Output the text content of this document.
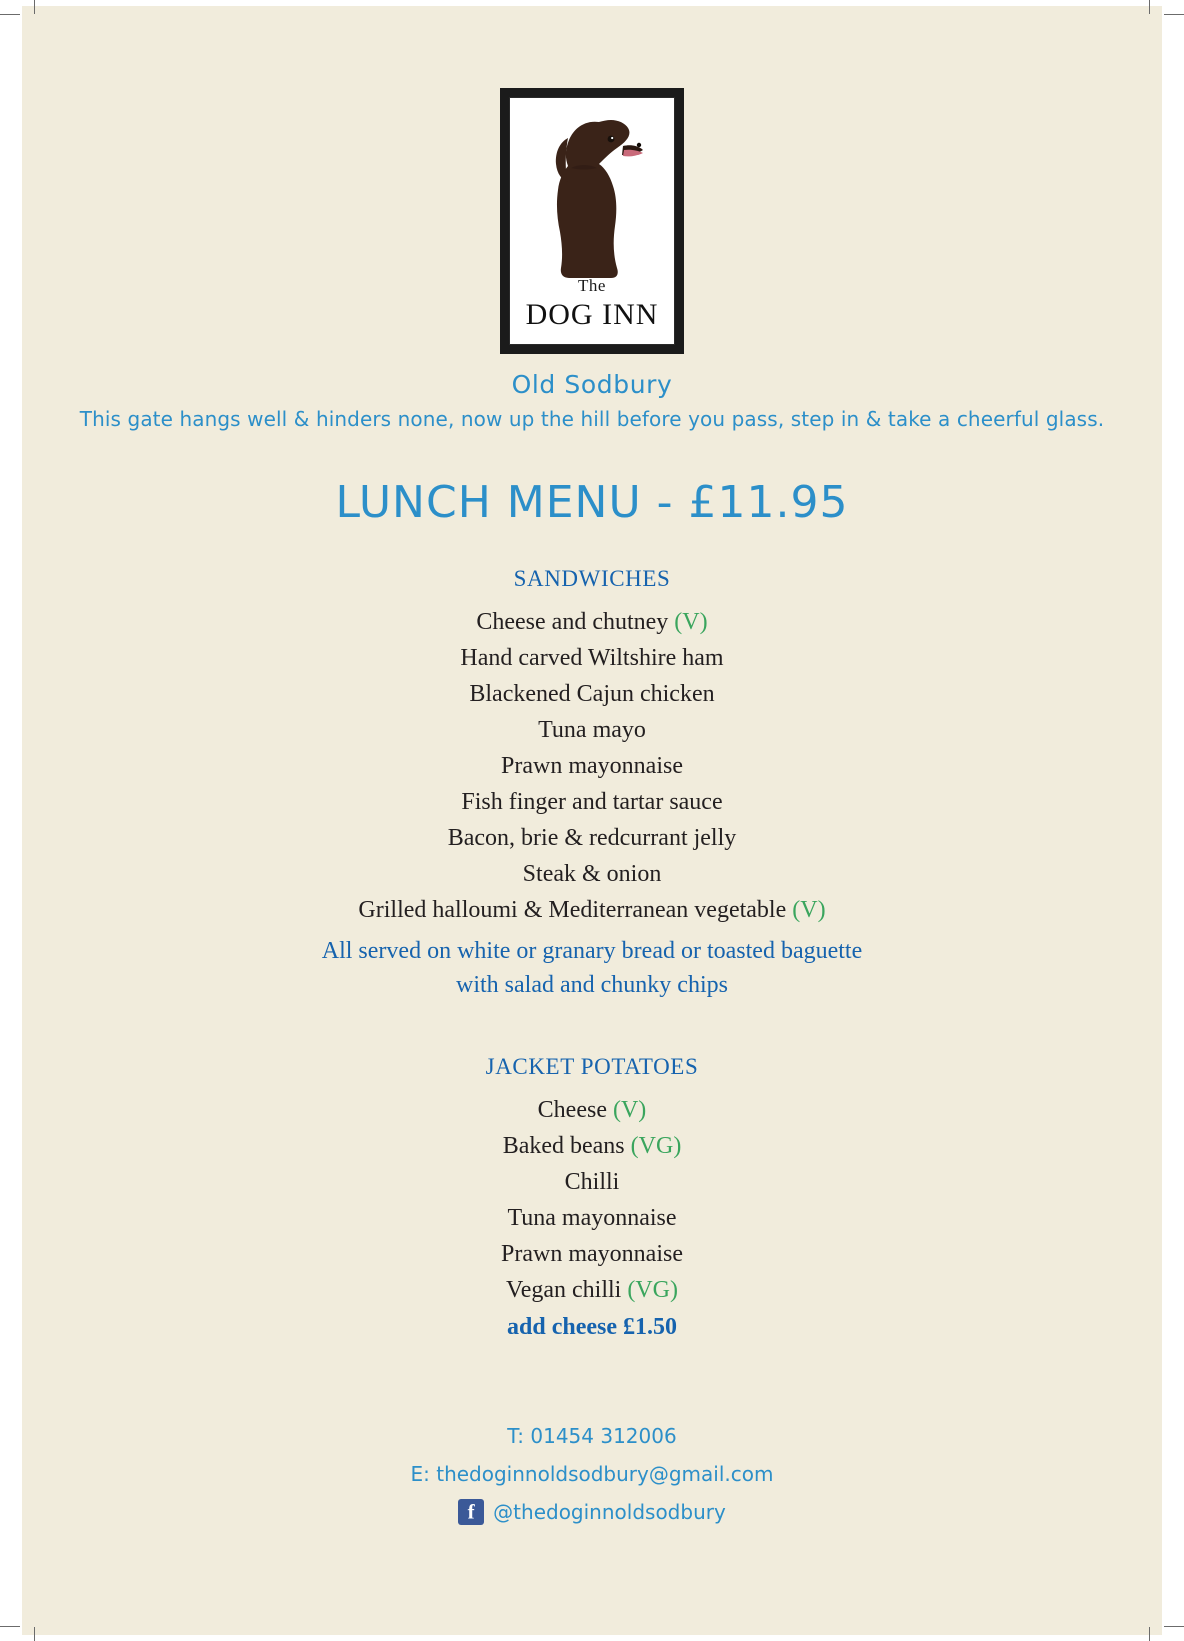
The
DOG INN
Old Sodbury
This gate hangs well & hinders none, now up the hill before you pass, step in & take a cheerful glass.
LUNCH MENU - £11.95
SANDWICHES
Cheese and chutney (V)
Hand carved Wiltshire ham
Blackened Cajun chicken
Tuna mayo
Prawn mayonnaise
Fish finger and tartar sauce
Bacon, brie & redcurrant jelly
Steak & onion
Grilled halloumi & Mediterranean vegetable (V)
All served on white or granary bread or toasted baguette
with salad and chunky chips
JACKET POTATOES
Cheese (V)
Baked beans (VG)
Chilli
Tuna mayonnaise
Prawn mayonnaise
Vegan chilli (VG)
add cheese £1.50
T: 01454 312006
E: thedoginnoldsodbury@gmail.com
f
@thedoginnoldsodbury
